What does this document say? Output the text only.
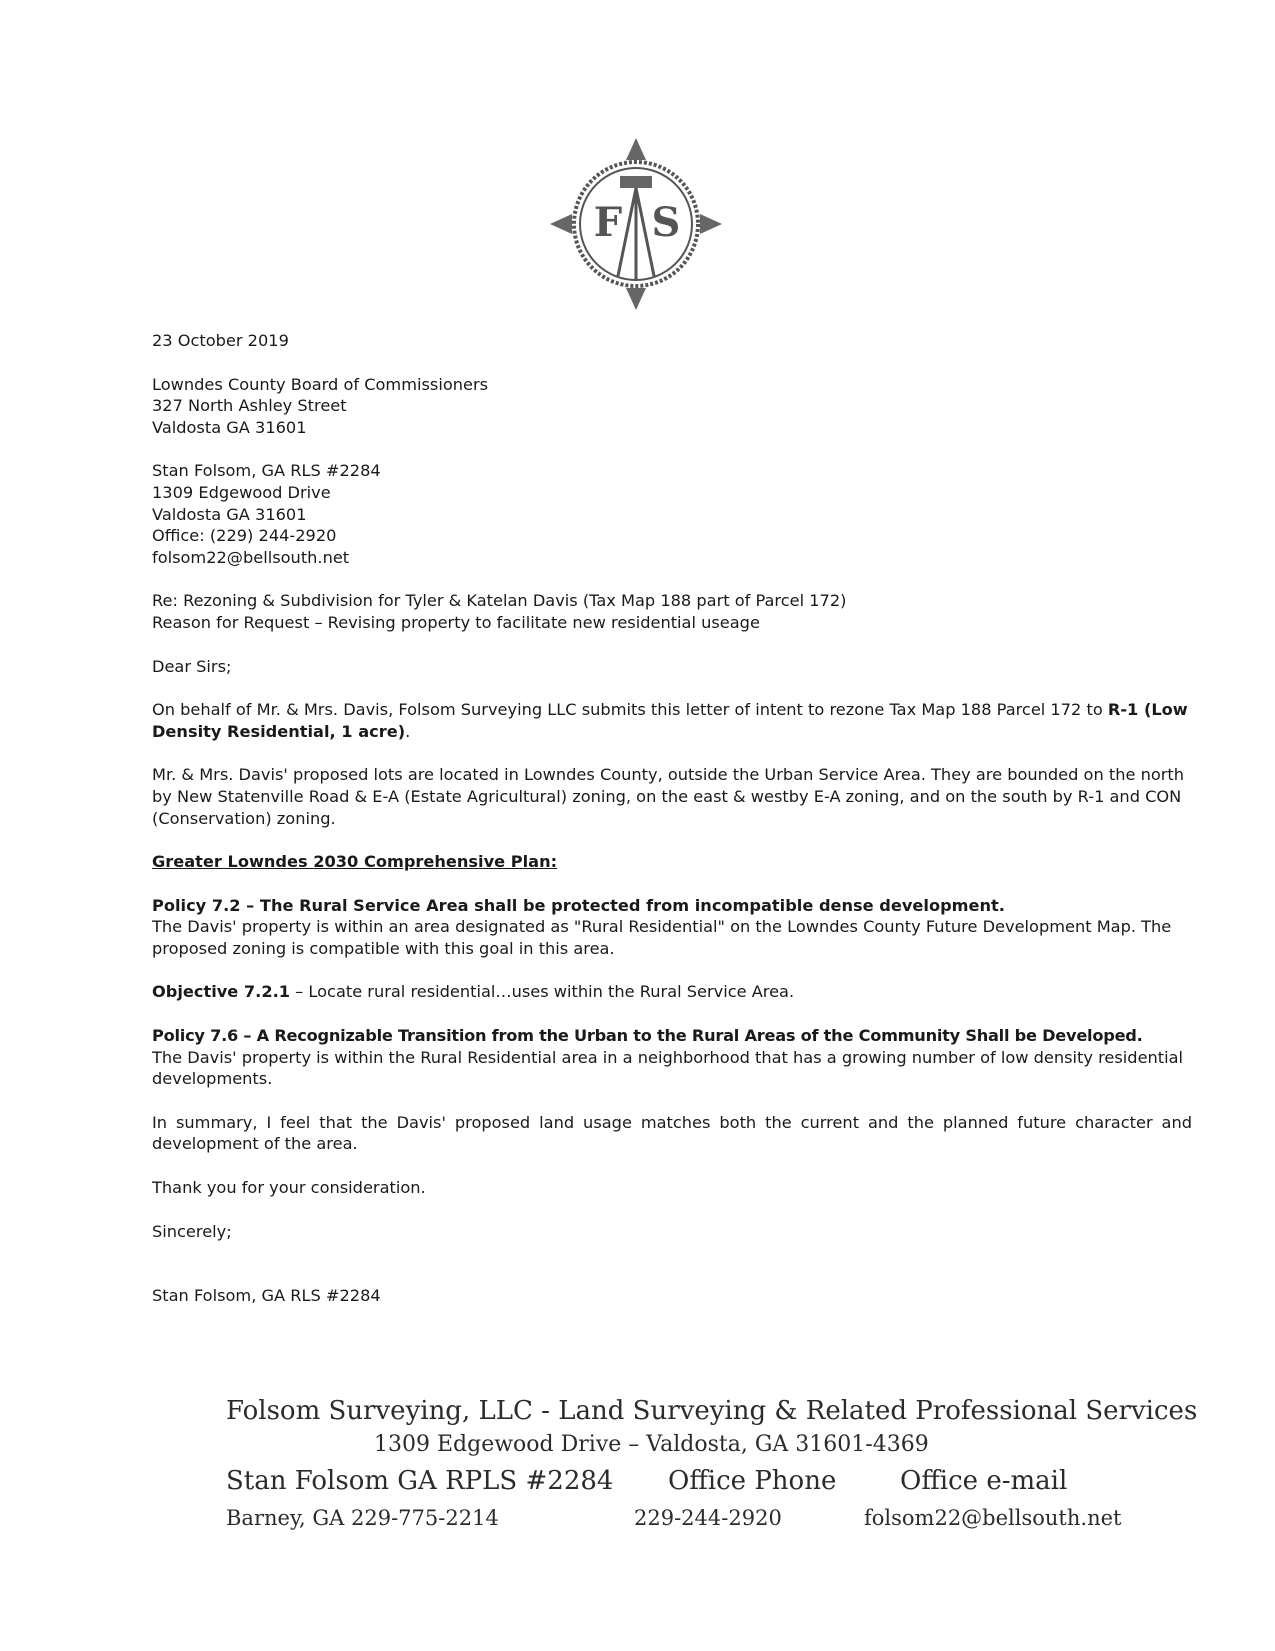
F S

23 October 2019

Lowndes County Board of Commissioners

327 North Ashley Street

Valdosta GA 31601

Stan Folsom, GA RLS #2284

1309 Edgewood Drive

Valdosta GA 31601

Office: (229) 244-2920

folsom22@bellsouth.net

Re: Rezoning & Subdivision for Tyler & Katelan Davis (Tax Map 188 part of Parcel 172)

Reason for Request – Revising property to facilitate new residential useage

Dear Sirs;

On behalf of Mr. & Mrs. Davis, Folsom Surveying LLC submits this letter of intent to rezone Tax Map 188 Parcel 172 to R-1 (Low Density Residential, 1 acre).

Mr. & Mrs. Davis' proposed lots are located in Lowndes County, outside the Urban Service Area. They are bounded on the north by New Statenville Road & E-A (Estate Agricultural) zoning, on the east & westby E-A zoning, and on the south by R-1 and CON (Conservation) zoning.

Greater Lowndes 2030 Comprehensive Plan:

Policy 7.2 – The Rural Service Area shall be protected from incompatible dense development.

The Davis' property is within an area designated as "Rural Residential" on the Lowndes County Future Development Map. The proposed zoning is compatible with this goal in this area.

Objective 7.2.1 – Locate rural residential…uses within the Rural Service Area.

Policy 7.6 – A Recognizable Transition from the Urban to the Rural Areas of the Community Shall be Developed.

The Davis' property is within the Rural Residential area in a neighborhood that has a growing number of low density residential developments.

In summary, I feel that the Davis' proposed land usage matches both the current and the planned future character and development of the area.

Thank you for your consideration.

Sincerely;

Stan Folsom, GA RLS #2284

Folsom Surveying, LLC - Land Surveying & Related Professional Services
1309 Edgewood Drive – Valdosta, GA 31601-4369
Stan Folsom GA RPLS #2284
Barney, GA 229-775-2214
Office Phone
229-244-2920
Office e-mail
folsom22@bellsouth.net
